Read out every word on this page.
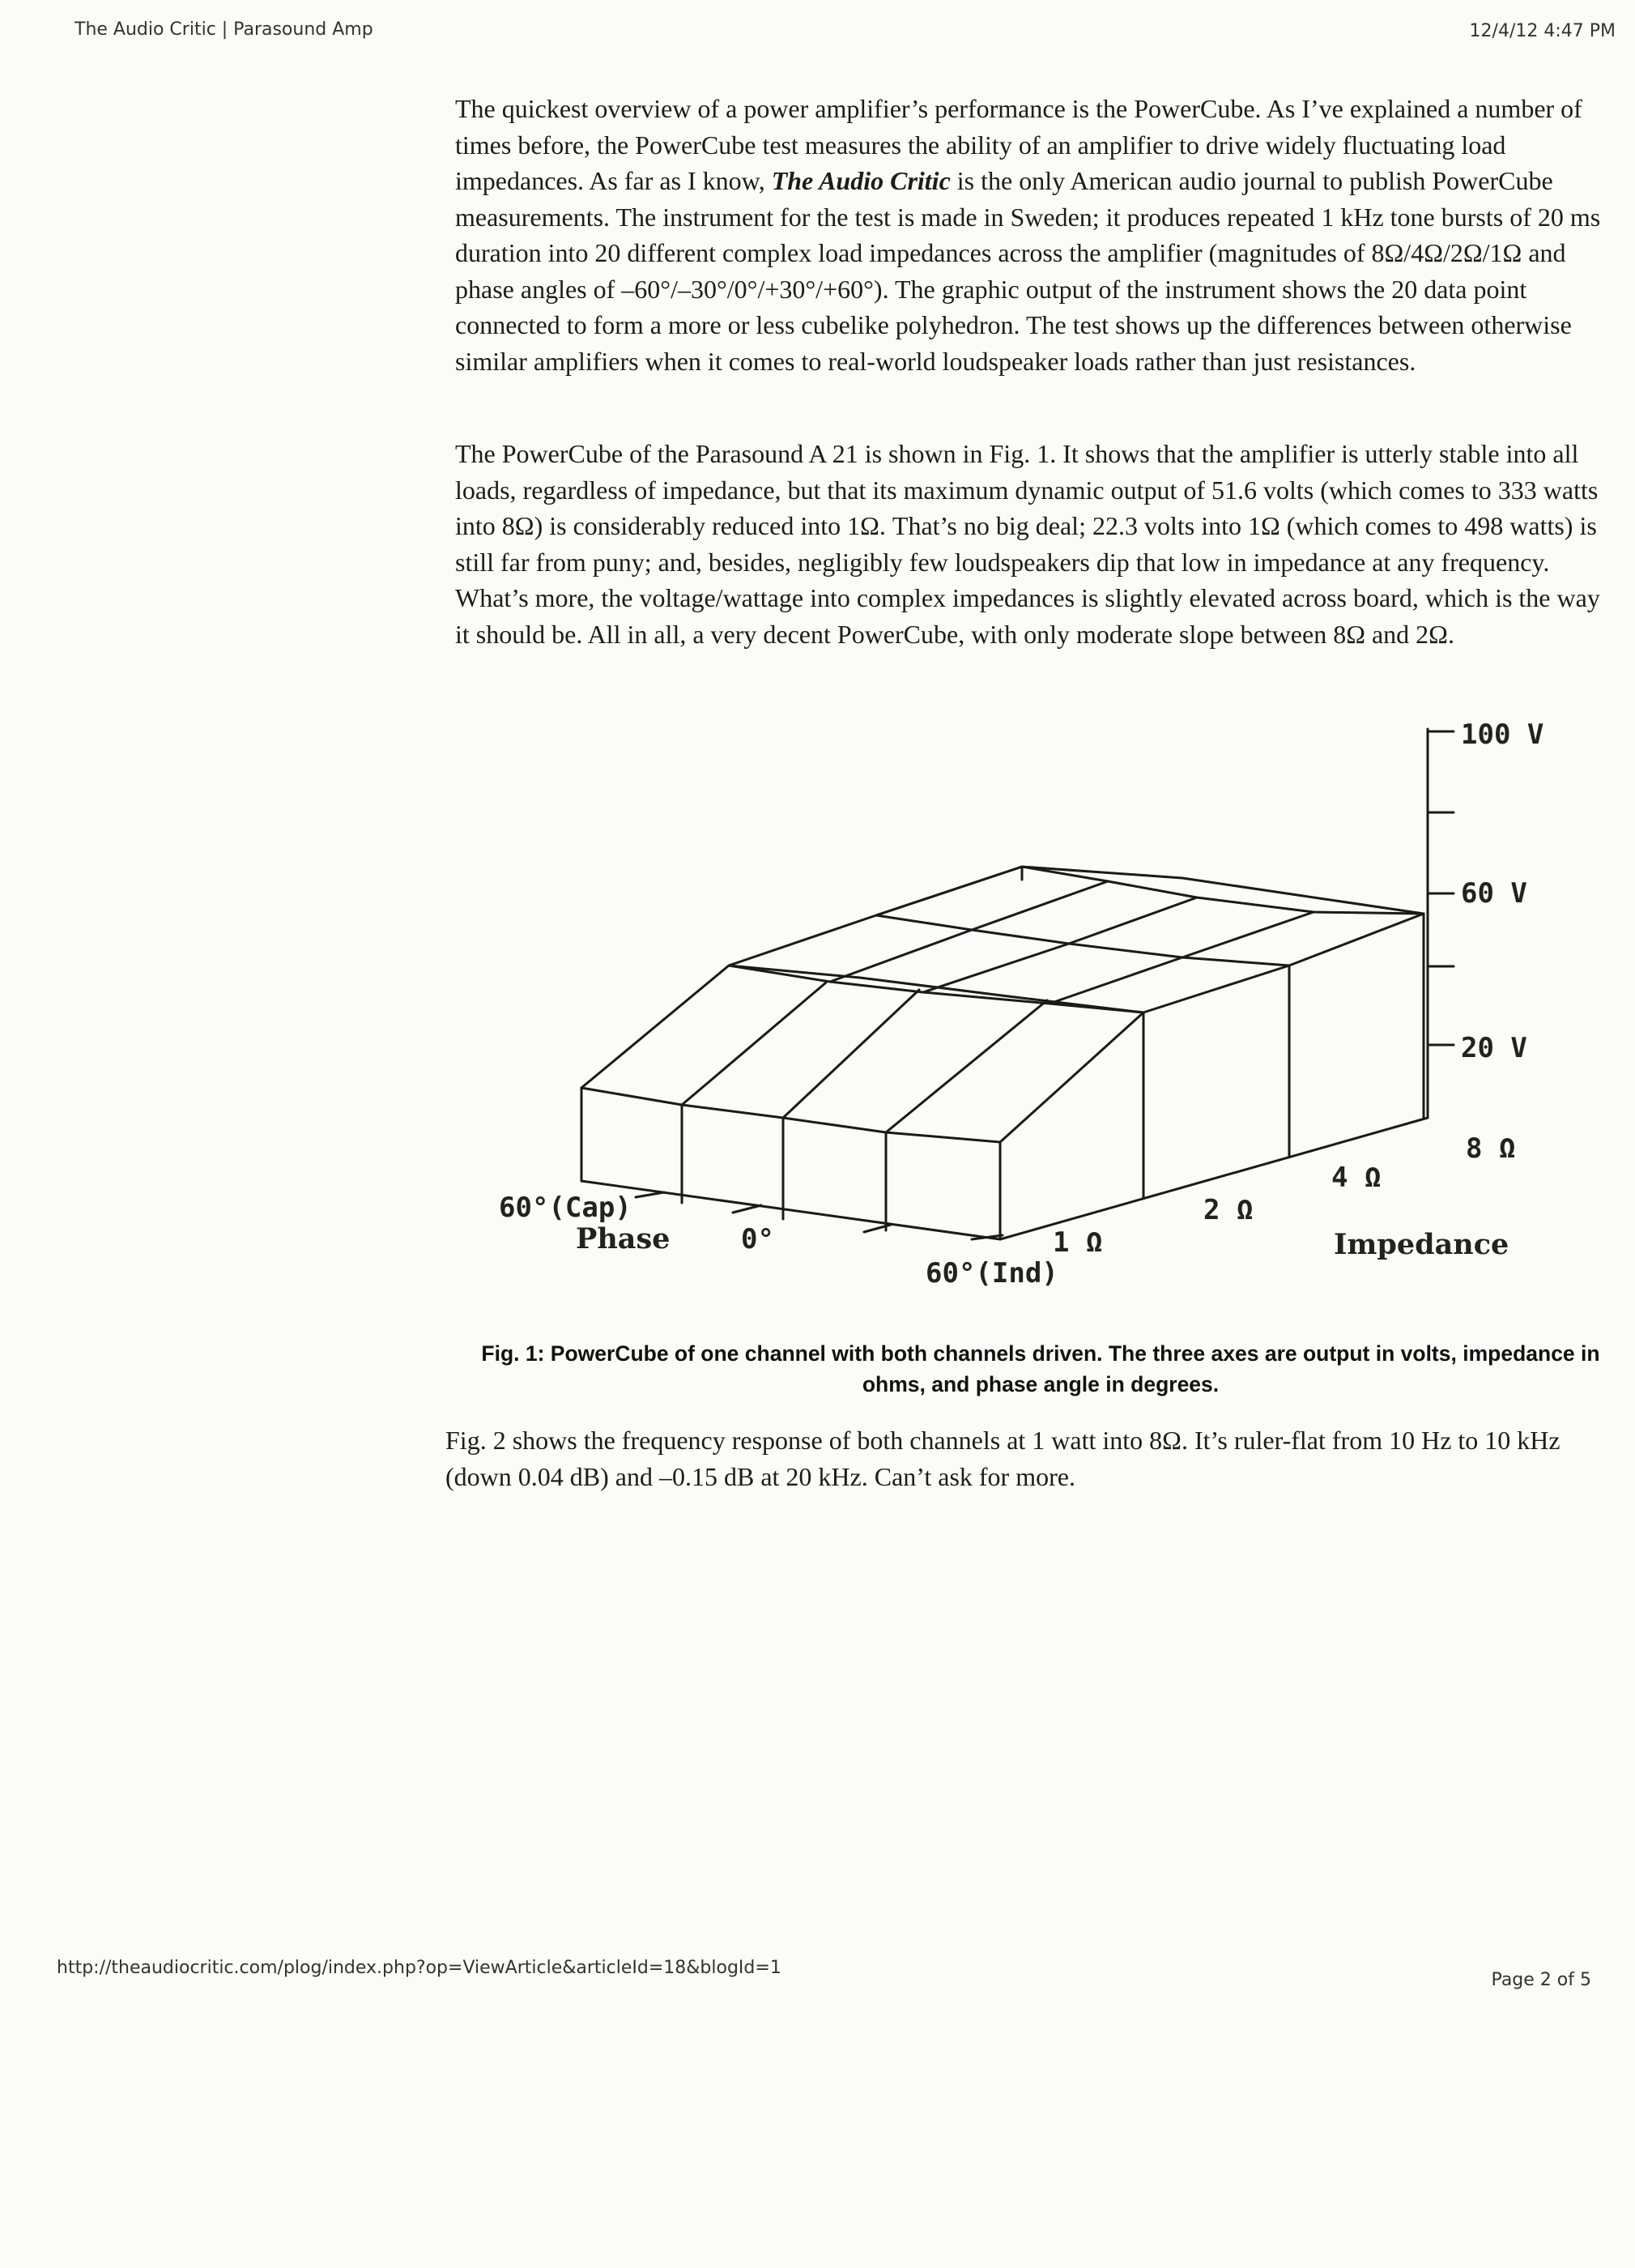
The Audio Critic | Parasound Amp	12/4/12 4:47 PM

The quickest overview of a power amplifier’s performance is the PowerCube. As I’ve explained a number of times before, the PowerCube test measures the ability of an amplifier to drive widely fluctuating load impedances. As far as I know, The Audio Critic is the only American audio journal to publish PowerCube measurements. The instrument for the test is made in Sweden; it produces repeated 1 kHz tone bursts of 20 ms duration into 20 different complex load impedances across the amplifier (magnitudes of 8Ω/4Ω/2Ω/1Ω and phase angles of –60°/–30°/0°/+30°/+60°). The graphic output of the instrument shows the 20 data point connected to form a more or less cubelike polyhedron. The test shows up the differences between otherwise similar amplifiers when it comes to real-world loudspeaker loads rather than just resistances.

The PowerCube of the Parasound A 21 is shown in Fig. 1. It shows that the amplifier is utterly stable into all loads, regardless of impedance, but that its maximum dynamic output of 51.6 volts (which comes to 333 watts into 8Ω) is considerably reduced into 1Ω. That’s no big deal; 22.3 volts into 1Ω (which comes to 498 watts) is still far from puny; and, besides, negligibly few loudspeakers dip that low in impedance at any frequency. What’s more, the voltage/wattage into complex impedances is slightly elevated across board, which is the way it should be. All in all, a very decent PowerCube, with only moderate slope between 8Ω and 2Ω.

100 V
60 V
20 V
8 Ω
4 Ω
2 Ω
1 Ω	Impedance
60°(Cap)
Phase	0°
60°(Ind)

Fig. 1: PowerCube of one channel with both channels driven. The three axes are output in volts, impedance in ohms, and phase angle in degrees.

Fig. 2 shows the frequency response of both channels at 1 watt into 8Ω. It’s ruler-flat from 10 Hz to 10 kHz (down 0.04 dB) and –0.15 dB at 20 kHz. Can’t ask for more.

http://theaudiocritic.com/plog/index.php?op=ViewArticle&articleId=18&blogId=1
Page 2 of 5
